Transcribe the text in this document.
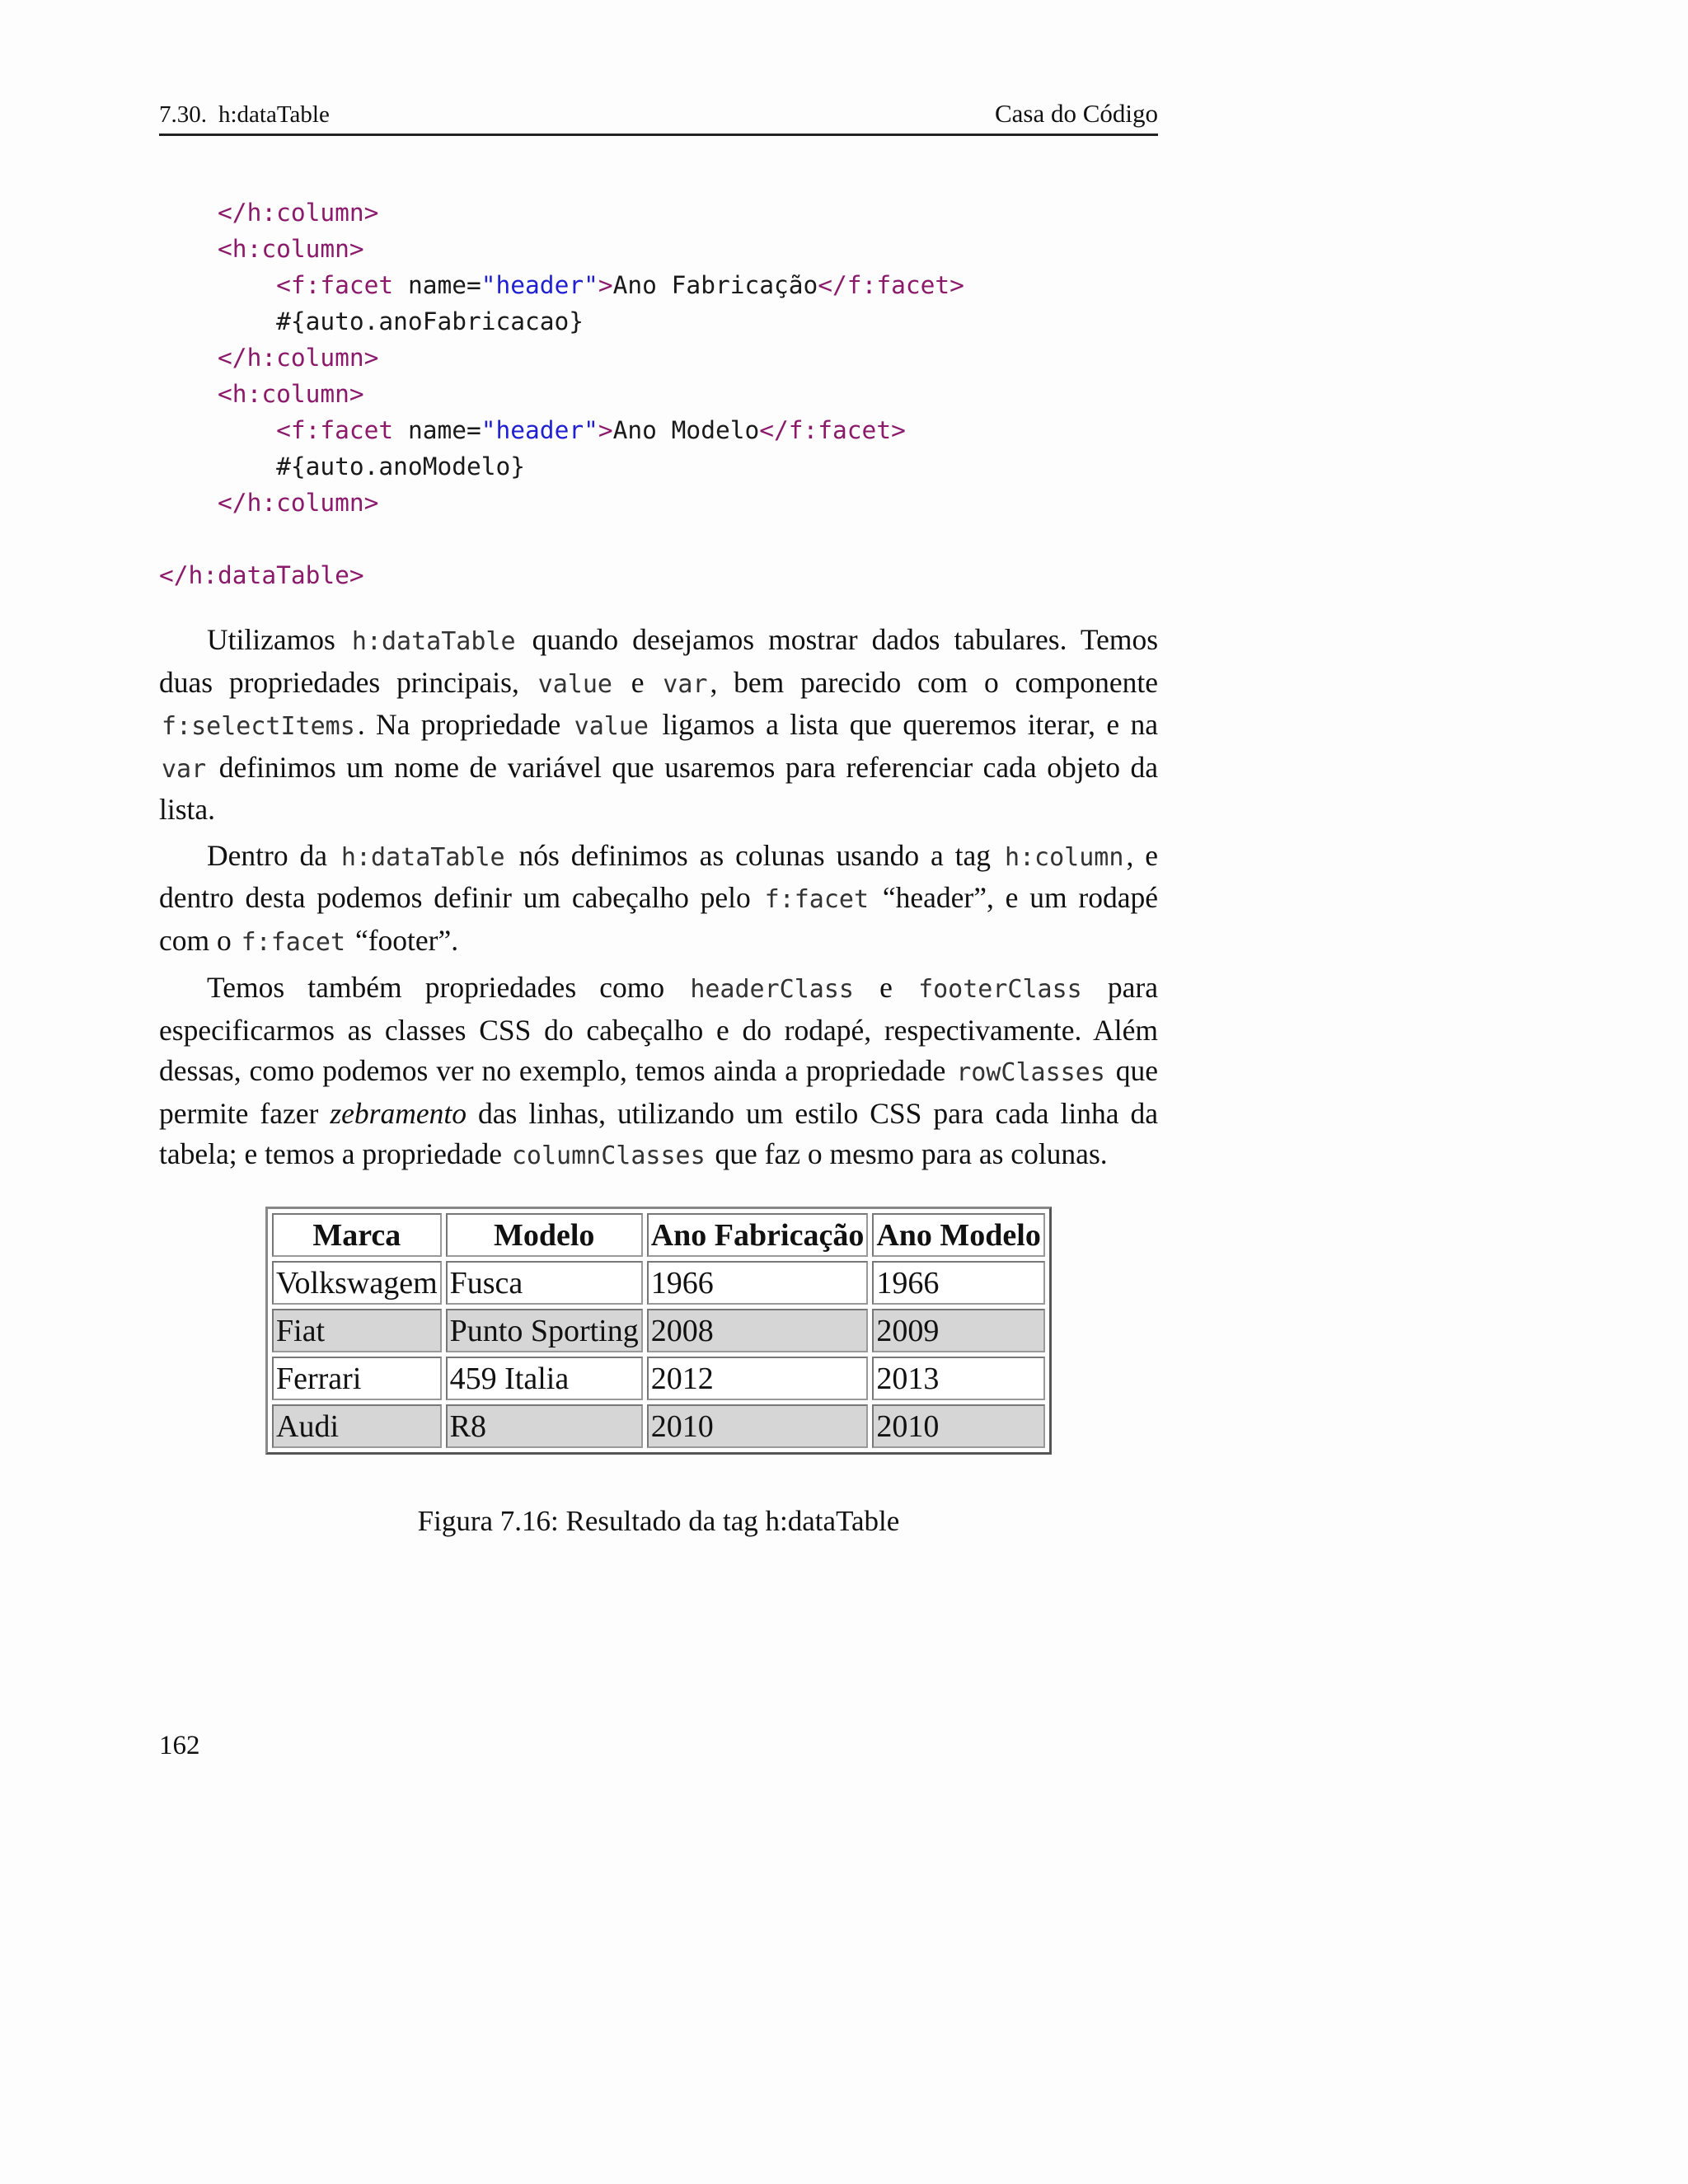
7.30. h:dataTable	Casa do Código
</h:column>
<h:column>
<f:facet name="header">Ano Fabricação</f:facet>
#{auto.anoFabricacao}
</h:column>
<h:column>
<f:facet name="header">Ano Modelo</f:facet>
#{auto.anoModelo}
</h:column>
</h:dataTable>

Utilizamos h:dataTable quando desejamos mostrar dados tabulares. Temos duas propriedades principais, value e var, bem parecido com o componente f:selectItems. Na propriedade value ligamos a lista que queremos iterar, e na var definimos um nome de variável que usaremos para referenciar cada objeto da lista.

Dentro da h:dataTable nós definimos as colunas usando a tag h:column, e dentro desta podemos definir um cabeçalho pelo f:facet “header”, e um rodapé com o f:facet “footer”.

Temos também propriedades como headerClass e footerClass para especificarmos as classes CSS do cabeçalho e do rodapé, respectivamente. Além dessas, como podemos ver no exemplo, temos ainda a propriedade rowClasses que permite fazer zebramento das linhas, utilizando um estilo CSS para cada linha da tabela; e temos a propriedade columnClasses que faz o mesmo para as colunas.

Marca	Modelo	Ano Fabricação	Ano Modelo
Volkswagem	Fusca	1966	1966
Fiat	Punto Sporting	2008	2009
Ferrari	459 Italia	2012	2013
Audi	R8	2010	2010
Figura 7.16: Resultado da tag h:dataTable
162
